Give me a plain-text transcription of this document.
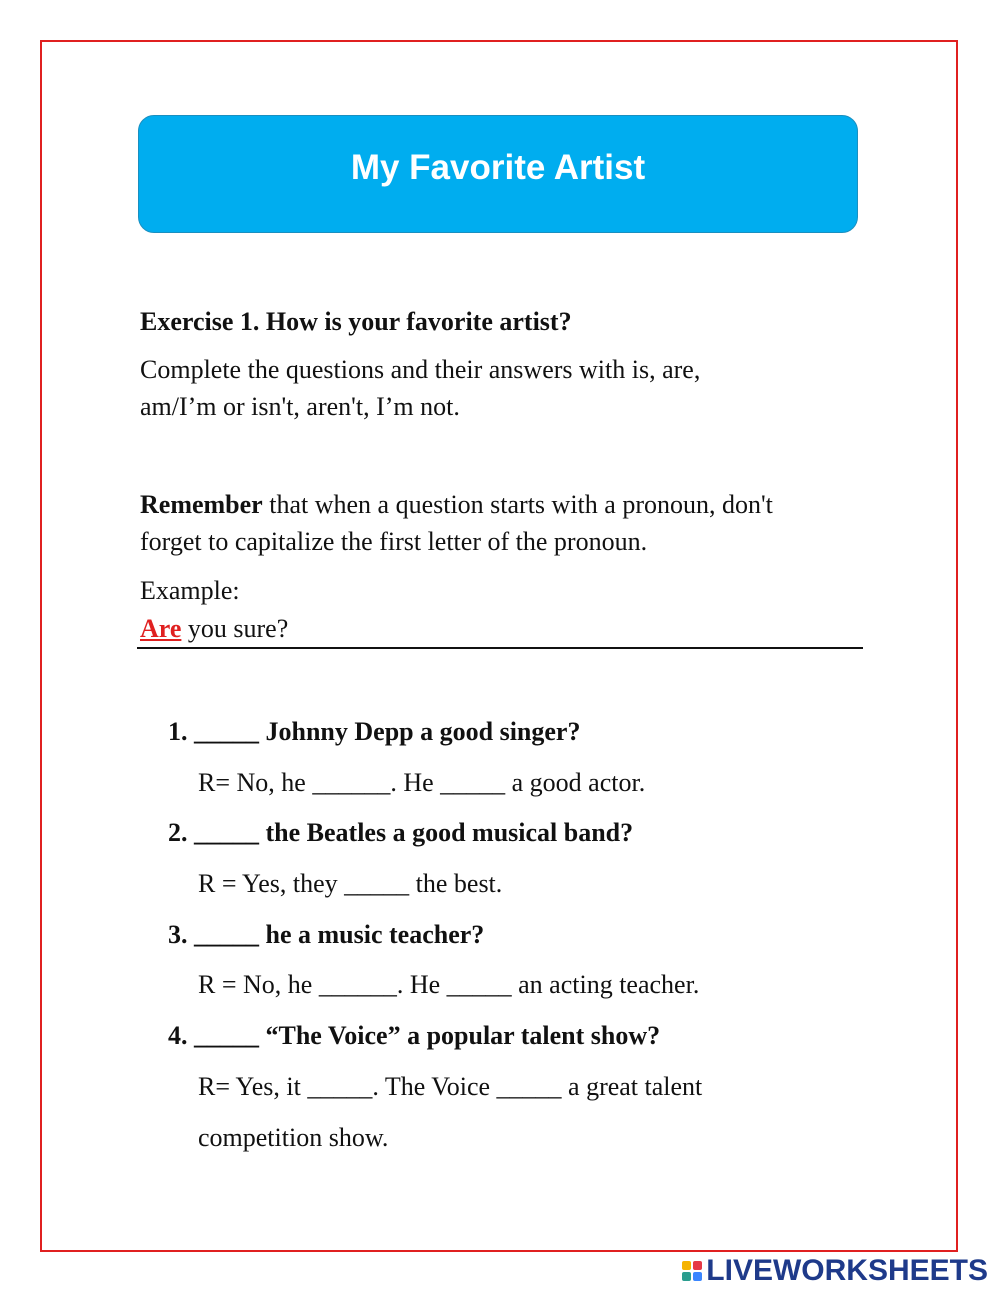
My Favorite Artist
Exercise 1. How is your favorite artist?
Complete the questions and their answers with is, are,
am/I’m or isn't, aren't, I’m not.
Remember that when a question starts with a pronoun, don't
forget to capitalize the first letter of the pronoun.
Example:
Are you sure?
1. _____ Johnny Depp a good singer?
R= No, he ______. He _____ a good actor.
2. _____ the Beatles a good musical band?
R = Yes, they _____ the best.
3. _____ he a music teacher?
R = No, he ______. He _____ an acting teacher.
4. _____ “The Voice” a popular talent show?
R= Yes, it _____. The Voice _____ a great talent
competition show.
LIVEWORKSHEETS
